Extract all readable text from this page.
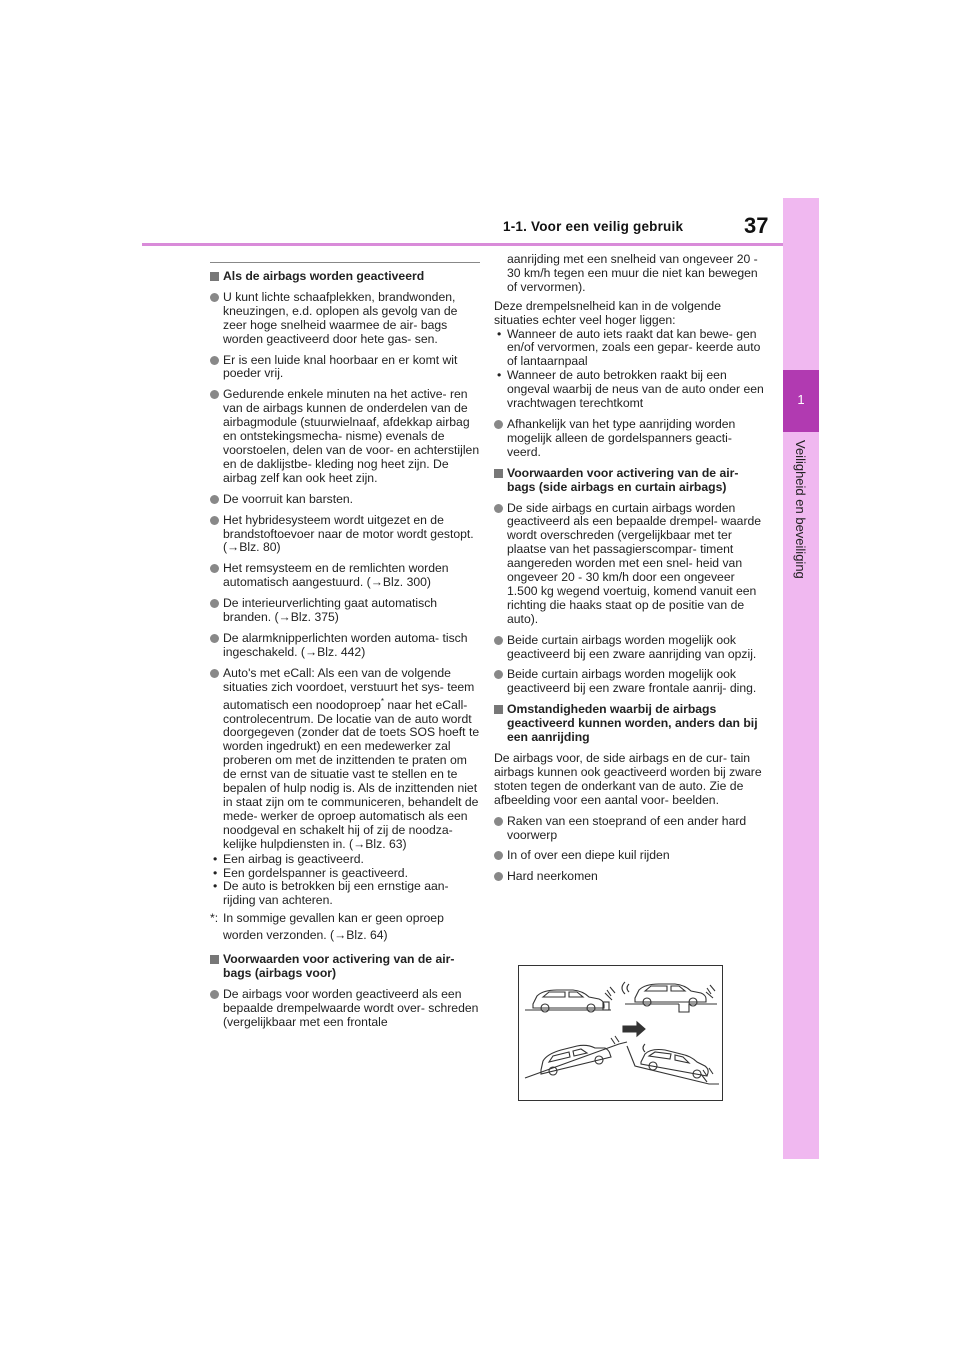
1-1. Voor een veilig gebruik	37
1
Veiligheid en beveiliging
Als de airbags worden geactiveerd
U kunt lichte schaafplekken, brandwonden, kneuzingen, e.d. oplopen als gevolg van de zeer hoge snelheid waarmee de air- bags worden geactiveerd door hete gas- sen.
Er is een luide knal hoorbaar en er komt wit poeder vrij.
Gedurende enkele minuten na het active- ren van de airbags kunnen de onderdelen van de airbagmodule (stuurwielnaaf, afdekkap airbag en ontstekingsmecha- nisme) evenals de voorstoelen, delen van de voor- en achterstijlen en de daklijstbe- kleding nog heet zijn. De airbag zelf kan ook heet zijn.
De voorruit kan barsten.
Het hybridesysteem wordt uitgezet en de brandstoftoevoer naar de motor wordt gestopt. (→Blz. 80)
Het remsysteem en de remlichten worden automatisch aangestuurd. (→Blz. 300)
De interieurverlichting gaat automatisch branden. (→Blz. 375)
De alarmknipperlichten worden automa- tisch ingeschakeld. (→Blz. 442)
Auto's met eCall: Als een van de volgende situaties zich voordoet, verstuurt het sys- teem automatisch een noodoproep* naar het eCall-controlecentrum. De locatie van de auto wordt doorgegeven (zonder dat de toets SOS hoeft te worden ingedrukt) en een medewerker zal proberen om met de inzittenden te praten om de ernst van de situatie vast te stellen en te bepalen of hulp nodig is. Als de inzittenden niet in staat zijn om te communiceren, behandelt de mede- werker de oproep automatisch als een noodgeval en schakelt hij of zij de noodza- kelijke hulpdiensten in. (→Blz. 63)
• Een airbag is geactiveerd.
• Een gordelspanner is geactiveerd.
• De auto is betrokken bij een ernstige aan- rijding van achteren.
*: In sommige gevallen kan er geen oproep worden verzonden. (→Blz. 64)
Voorwaarden voor activering van de air- bags (airbags voor)
De airbags voor worden geactiveerd als een bepaalde drempelwaarde wordt over- schreden (vergelijkbaar met een frontale
aanrijding met een snelheid van ongeveer 20 - 30 km/h tegen een muur die niet kan bewegen of vervormen).
Deze drempelsnelheid kan in de volgende situaties echter veel hoger liggen:
• Wanneer de auto iets raakt dat kan bewe- gen en/of vervormen, zoals een gepar- keerde auto of lantaarnpaal
• Wanneer de auto betrokken raakt bij een ongeval waarbij de neus van de auto onder een vrachtwagen terechtkomt
Afhankelijk van het type aanrijding worden mogelijk alleen de gordelspanners geacti- veerd.
Voorwaarden voor activering van de air- bags (side airbags en curtain airbags)
De side airbags en curtain airbags worden geactiveerd als een bepaalde drempel- waarde wordt overschreden (vergelijkbaar met ter plaatse van het passagierscompar- timent aangereden worden met een snel- heid van ongeveer 20 - 30 km/h door een ongeveer 1.500 kg wegend voertuig, komend vanuit een richting die haaks staat op de positie van de auto).
Beide curtain airbags worden mogelijk ook geactiveerd bij een zware aanrijding van opzij.
Beide curtain airbags worden mogelijk ook geactiveerd bij een zware frontale aanrij- ding.
Omstandigheden waarbij de airbags geactiveerd kunnen worden, anders dan bij een aanrijding
De airbags voor, de side airbags en de cur- tain airbags kunnen ook geactiveerd worden bij zware stoten tegen de onderkant van de auto. Zie de afbeelding voor een aantal voor- beelden.
Raken van een stoeprand of een ander hard voorwerp
In of over een diepe kuil rijden
Hard neerkomen
